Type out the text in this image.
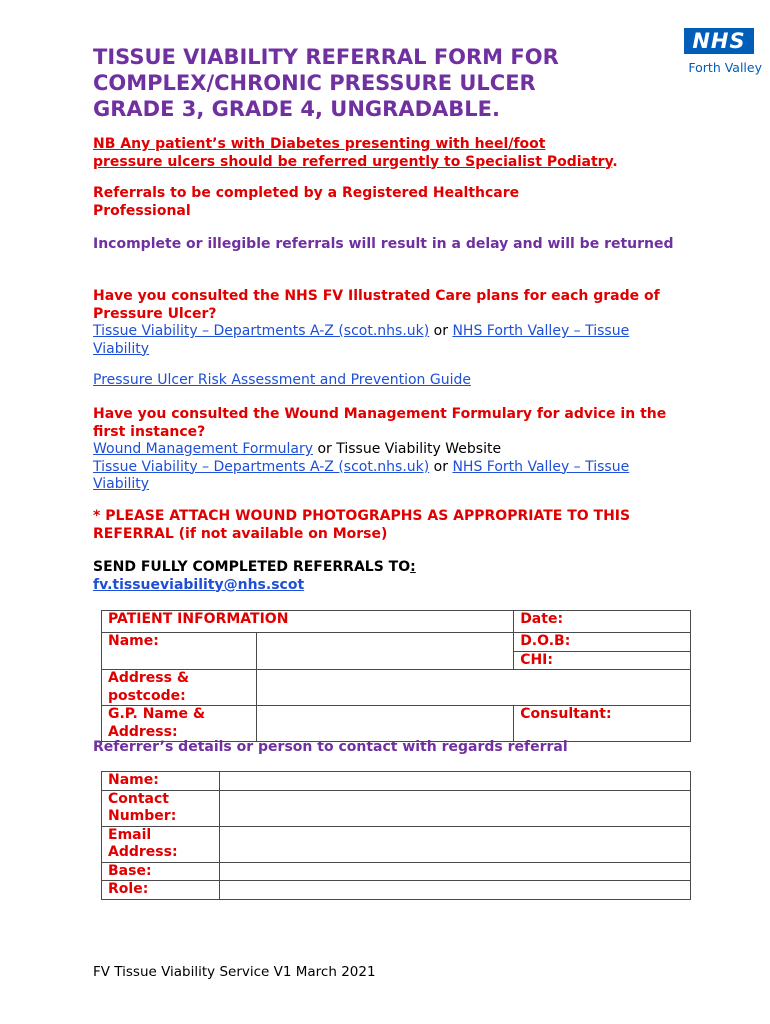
TISSUE VIABILITY REFERRAL FORM FOR
COMPLEX/CHRONIC PRESSURE ULCER
GRADE 3, GRADE 4, UNGRADABLE.
NHS
Forth Valley
NB Any patient’s with Diabetes presenting with heel/foot
pressure ulcers should be referred urgently to Specialist Podiatry.
Referrals to be completed by a Registered Healthcare Professional
Incomplete or illegible referrals will result in a delay and will be returned
Have you consulted the NHS FV Illustrated Care plans for each grade of Pressure Ulcer?
Tissue Viability – Departments A-Z (scot.nhs.uk) or NHS Forth Valley – Tissue Viability
Pressure Ulcer Risk Assessment and Prevention Guide
Have you consulted the Wound Management Formulary for advice in the first instance?
Wound Management Formulary or Tissue Viability Website
Tissue Viability – Departments A-Z (scot.nhs.uk) or NHS Forth Valley – Tissue Viability
* PLEASE ATTACH WOUND PHOTOGRAPHS AS APPROPRIATE TO THIS REFERRAL (if not available on Morse)
SEND FULLY COMPLETED REFERRALS TO:
fv.tissueviability@nhs.scot
PATIENT INFORMATION		Date:
Name:		D.O.B:
		CHI:
Address & postcode:		
G.P. Name & Address:		Consultant:
Referrer’s details or person to contact with regards referral
Name:	
Contact Number:	
Email Address:	
Base:	
Role:	
FV Tissue Viability Service V1 March 2021
